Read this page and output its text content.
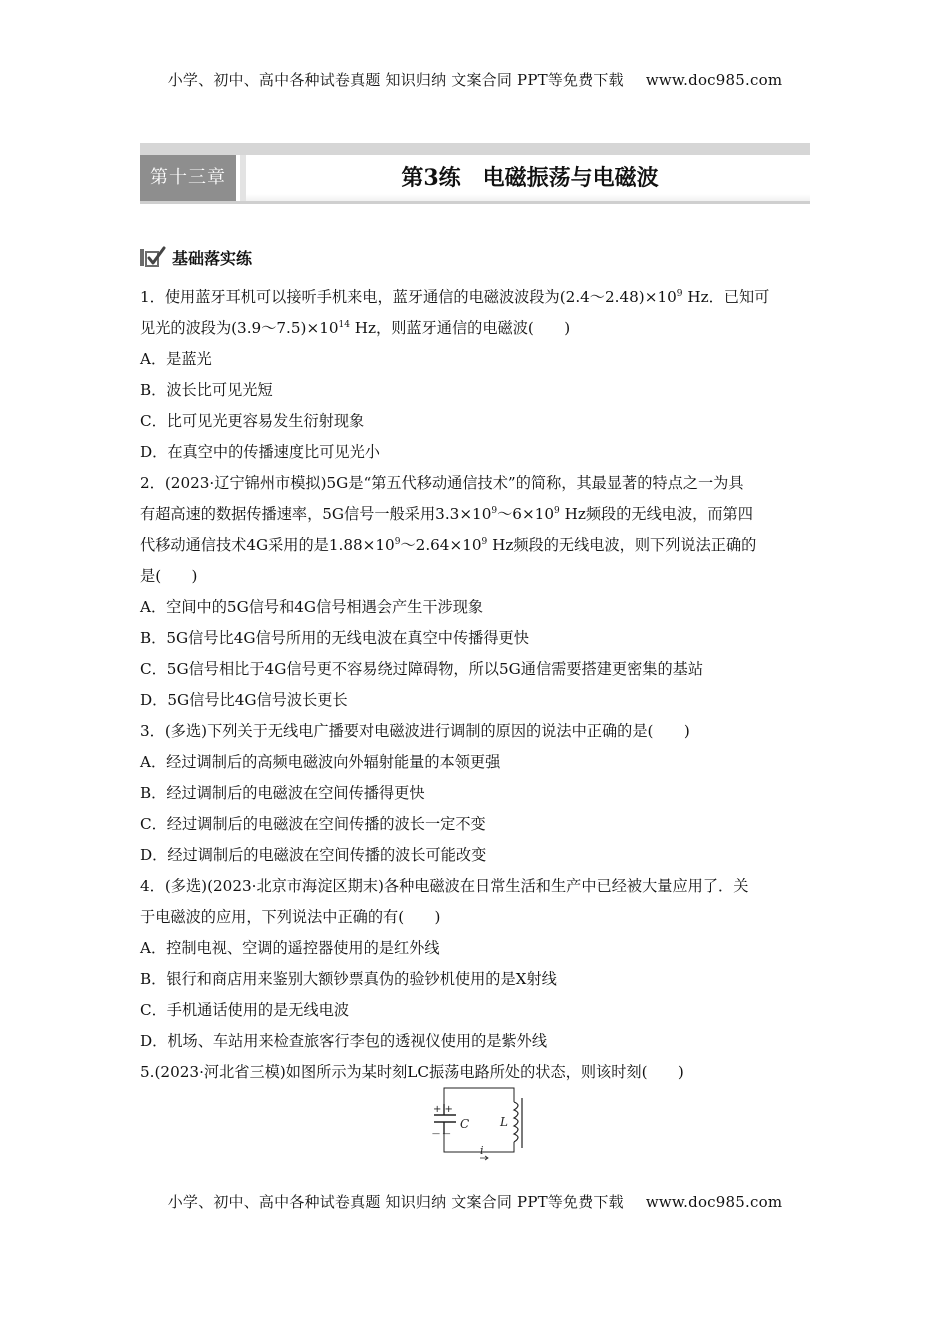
小学、初中、高中各种试卷真题 知识归纳 文案合同 PPT等免费下载 www.doc985.com
第十三章	第3练　电磁振荡与电磁波
基础落实练
1．使用蓝牙耳机可以接听手机来电，蓝牙通信的电磁波波段为$(2.4\sim 2.48)\times 10^9$ Hz．已知可
见光的波段为$(3.9\sim 7.5)\times 10^{14}$ Hz，则蓝牙通信的电磁波(　　)
A．是蓝光
B．波长比可见光短
C．比可见光更容易发生衍射现象
D．在真空中的传播速度比可见光小
2．(2023·辽宁锦州市模拟)5G是“第五代移动通信技术”的简称，其最显著的特点之一为具
有超高速的数据传播速率，5G信号一般采用$3.3\times 10^9\sim 6\times 10^9$ Hz频段的无线电波，而第四
代移动通信技术4G采用的是$1.88\times 10^9\sim 2.64\times 10^9$ Hz频段的无线电波，则下列说法正确的
是(　　)
A．空间中的5G信号和4G信号相遇会产生干涉现象
B．5G信号比4G信号所用的无线电波在真空中传播得更快
C．5G信号相比于4G信号更不容易绕过障碍物，所以5G通信需要搭建更密集的基站
D．5G信号比4G信号波长更长
3．(多选)下列关于无线电广播要对电磁波进行调制的原因的说法中正确的是(　　)
A．经过调制后的高频电磁波向外辐射能量的本领更强
B．经过调制后的电磁波在空间传播得更快
C．经过调制后的电磁波在空间传播的波长一定不变
D．经过调制后的电磁波在空间传播的波长可能改变
4．(多选)(2023·北京市海淀区期末)各种电磁波在日常生活和生产中已经被大量应用了．关
于电磁波的应用，下列说法中正确的有(　　)
A．控制电视、空调的遥控器使用的是红外线
B．银行和商店用来鉴别大额钞票真伪的验钞机使用的是X射线
C．手机通话使用的是无线电波
D．机场、车站用来检查旅客行李包的透视仪使用的是紫外线
5.(2023·河北省三模)如图所示为某时刻LC振荡电路所处的状态，则该时刻(　　)
+ +
— —
C	L
i
小学、初中、高中各种试卷真题 知识归纳 文案合同 PPT等免费下载 www.doc985.com
